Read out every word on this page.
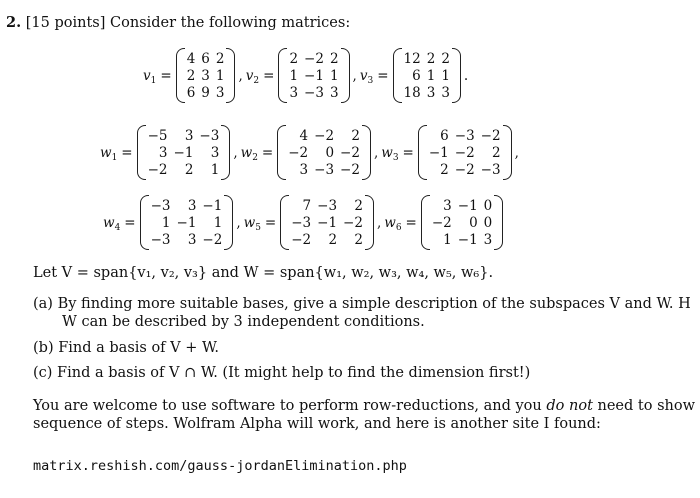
2. [15 points] Consider the following matrices:
$v_1$ =
4	6	2
2	3	1
6	9	3
, $v_2$ =
2	−2	2
1	−1	1
3	−3	3
, $v_3$ =
12	2	2
6	1	1
18	3	3
.
$w_1$ =
−5	3	−3
3	−1	3
−2	2	1
, $w_2$ =
4	−2	2
−2	0	−2
3	−3	−2
, $w_3$ =
6	−3	−2
−1	−2	2
2	−2	−3
,
$w_4$ =
−3	3	−1
1	−1	1
−3	3	−2
, $w_5$ =
7	−3	2
−3	−1	−2
−2	2	2
, $w_6$ =
3	−1	0
−2	0	0
1	−1	3
Let V = span{v₁, v₂, v₃} and W = span{w₁, w₂, w₃, w₄, w₅, w₆}.
(a) By finding more suitable bases, give a simple description of the subspaces V and W. H
W can be described by 3 independent conditions.
(b) Find a basis of V + W.
(c) Find a basis of V ∩ W. (It might help to find the dimension first!)
You are welcome to use software to perform row-reductions, and you do not need to show
sequence of steps. Wolfram Alpha will work, and here is another site I found:
matrix.reshish.com/gauss-jordanElimination.php
